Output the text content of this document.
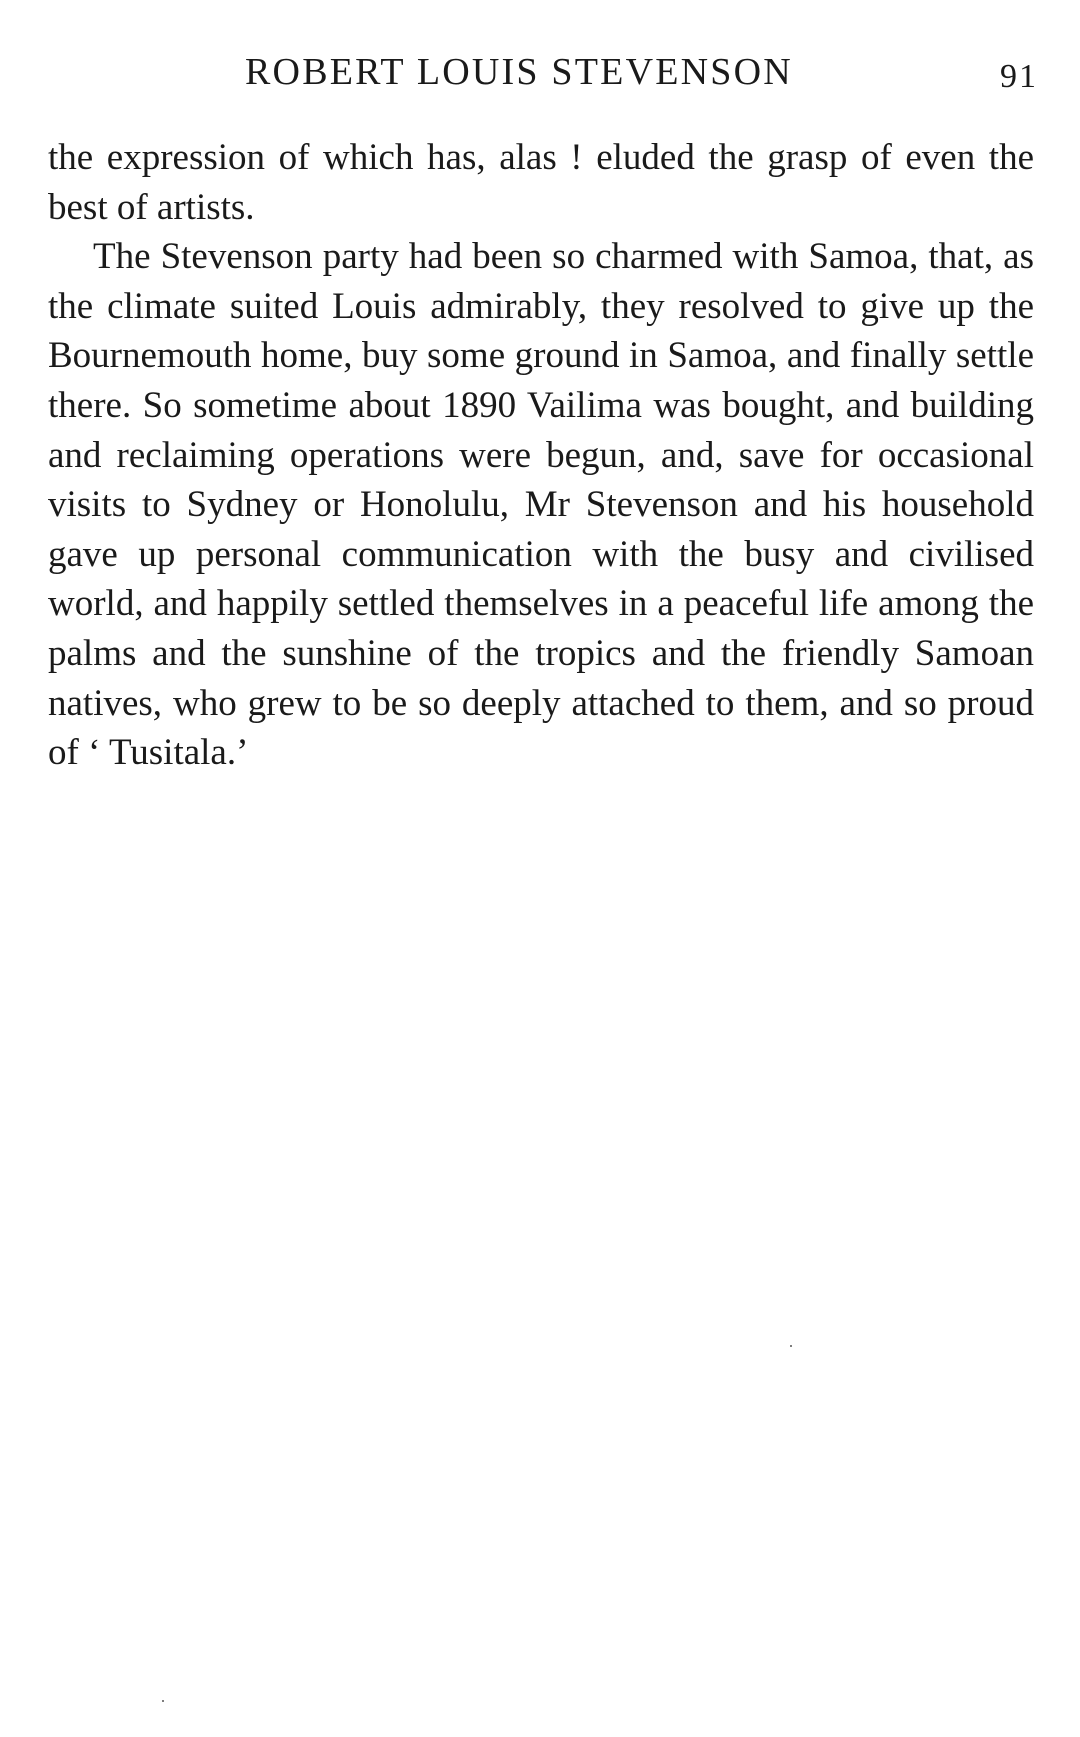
ROBERT LOUIS STEVENSON	91

the expression of which has, alas ! eluded the grasp of even the best of artists.

The Stevenson party had been so charmed with Samoa, that, as the climate suited Louis admirably, they resolved to give up the Bournemouth home, buy some ground in Samoa, and finally settle there. So sometime about 1890 Vailima was bought, and building and reclaiming operations were begun, and, save for occasional visits to Sydney or Honolulu, Mr Stevenson and his household gave up personal communication with the busy and civilised world, and happily settled themselves in a peaceful life among the palms and the sunshine of the tropics and the friendly Samoan natives, who grew to be so deeply attached to them, and so proud of ‘ Tusitala.’
